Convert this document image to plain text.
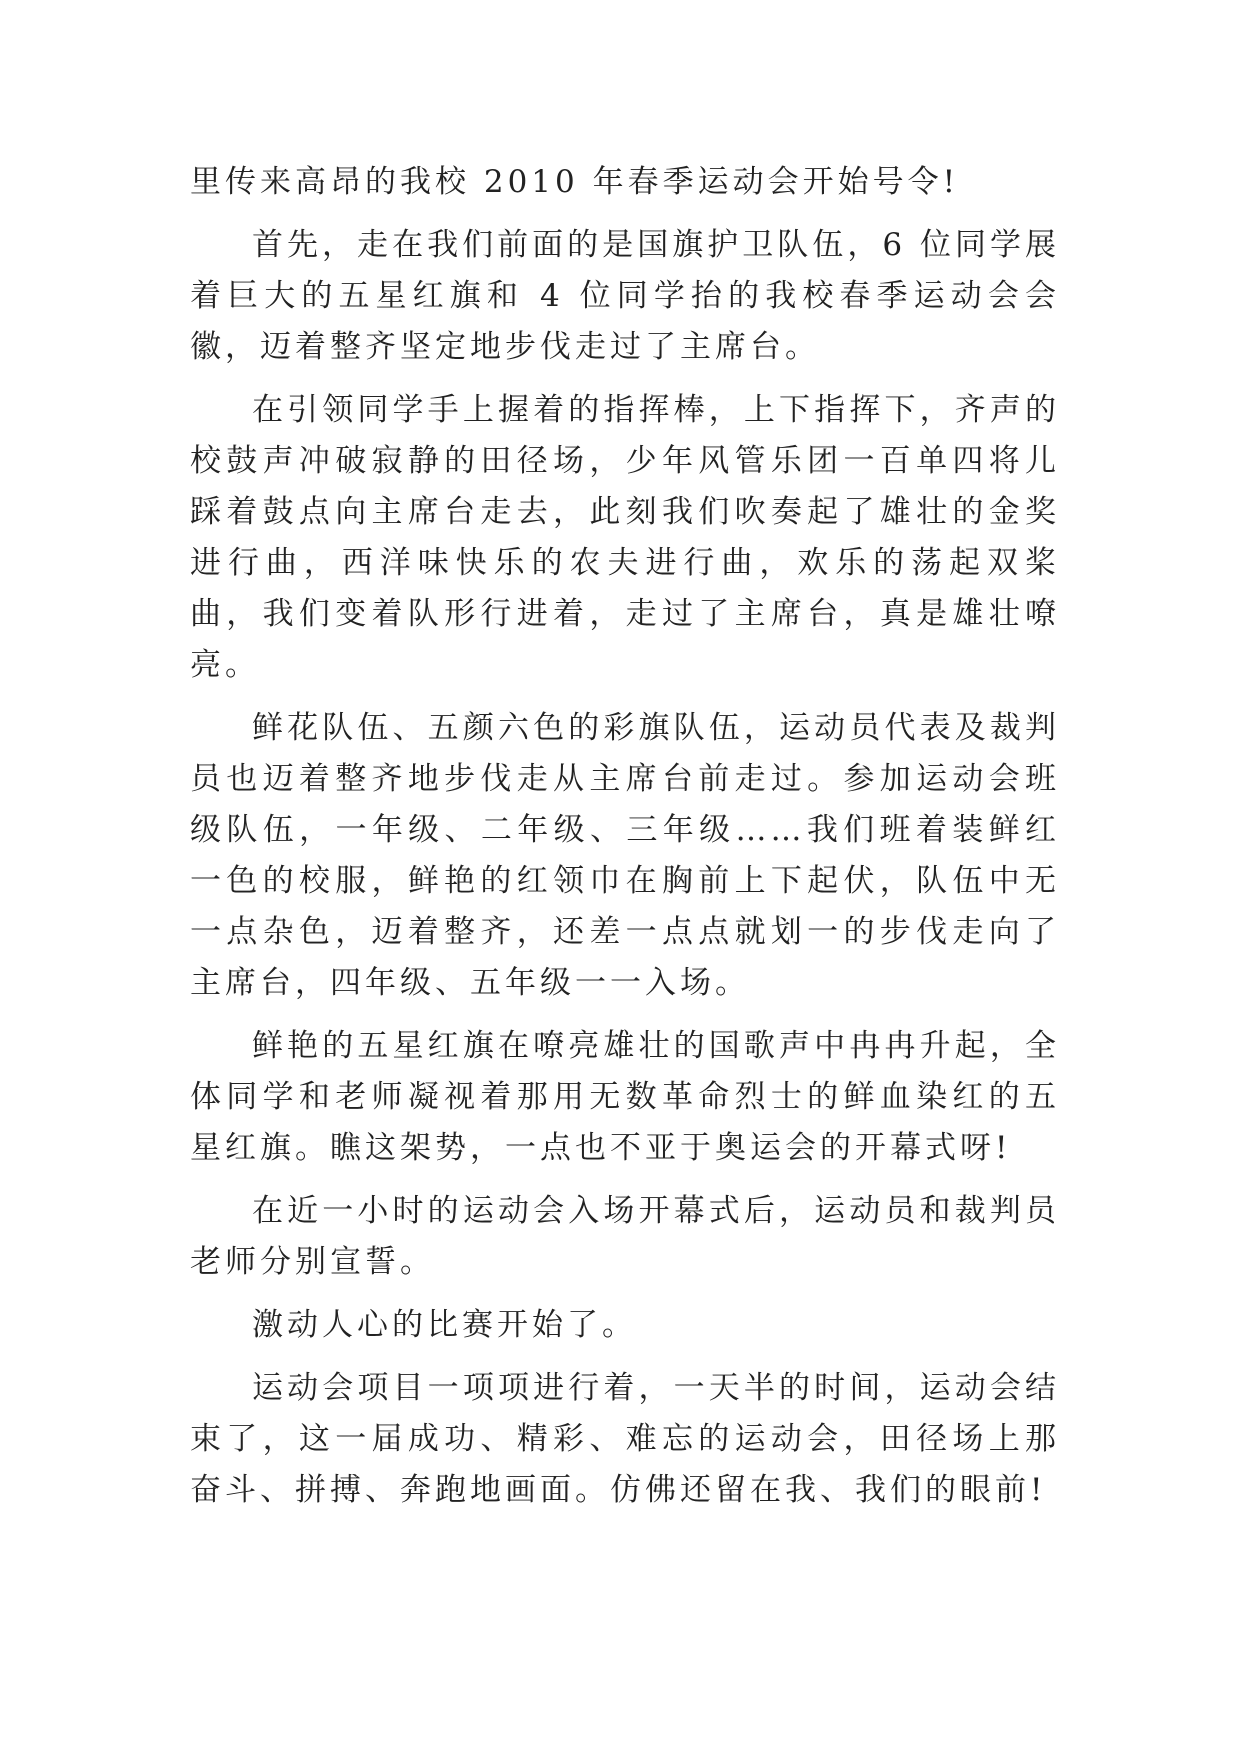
里传来高昂的我校 2010 年春季运动会开始号令!

首先，走在我们前面的是国旗护卫队伍，6 位同学展着巨大的五星红旗和 4 位同学抬的我校春季运动会会徽，迈着整齐坚定地步伐走过了主席台。

在引领同学手上握着的指挥棒，上下指挥下，齐声的校鼓声冲破寂静的田径场，少年风管乐团一百单四将儿踩着鼓点向主席台走去，此刻我们吹奏起了雄壮的金奖进行曲，西洋味快乐的农夫进行曲，欢乐的荡起双桨曲，我们变着队形行进着，走过了主席台，真是雄壮嘹亮。

鲜花队伍、五颜六色的彩旗队伍，运动员代表及裁判员也迈着整齐地步伐走从主席台前走过。参加运动会班级队伍，一年级、二年级、三年级……我们班着装鲜红一色的校服，鲜艳的红领巾在胸前上下起伏，队伍中无一点杂色，迈着整齐，还差一点点就划一的步伐走向了主席台，四年级、五年级一一入场。

鲜艳的五星红旗在嘹亮雄壮的国歌声中冉冉升起，全体同学和老师凝视着那用无数革命烈士的鲜血染红的五星红旗。瞧这架势，一点也不亚于奥运会的开幕式呀!

在近一小时的运动会入场开幕式后，运动员和裁判员老师分别宣誓。

激动人心的比赛开始了。

运动会项目一项项进行着，一天半的时间，运动会结束了，这一届成功、精彩、难忘的运动会，田径场上那奋斗、拼搏、奔跑地画面。仿佛还留在我、我们的眼前!
